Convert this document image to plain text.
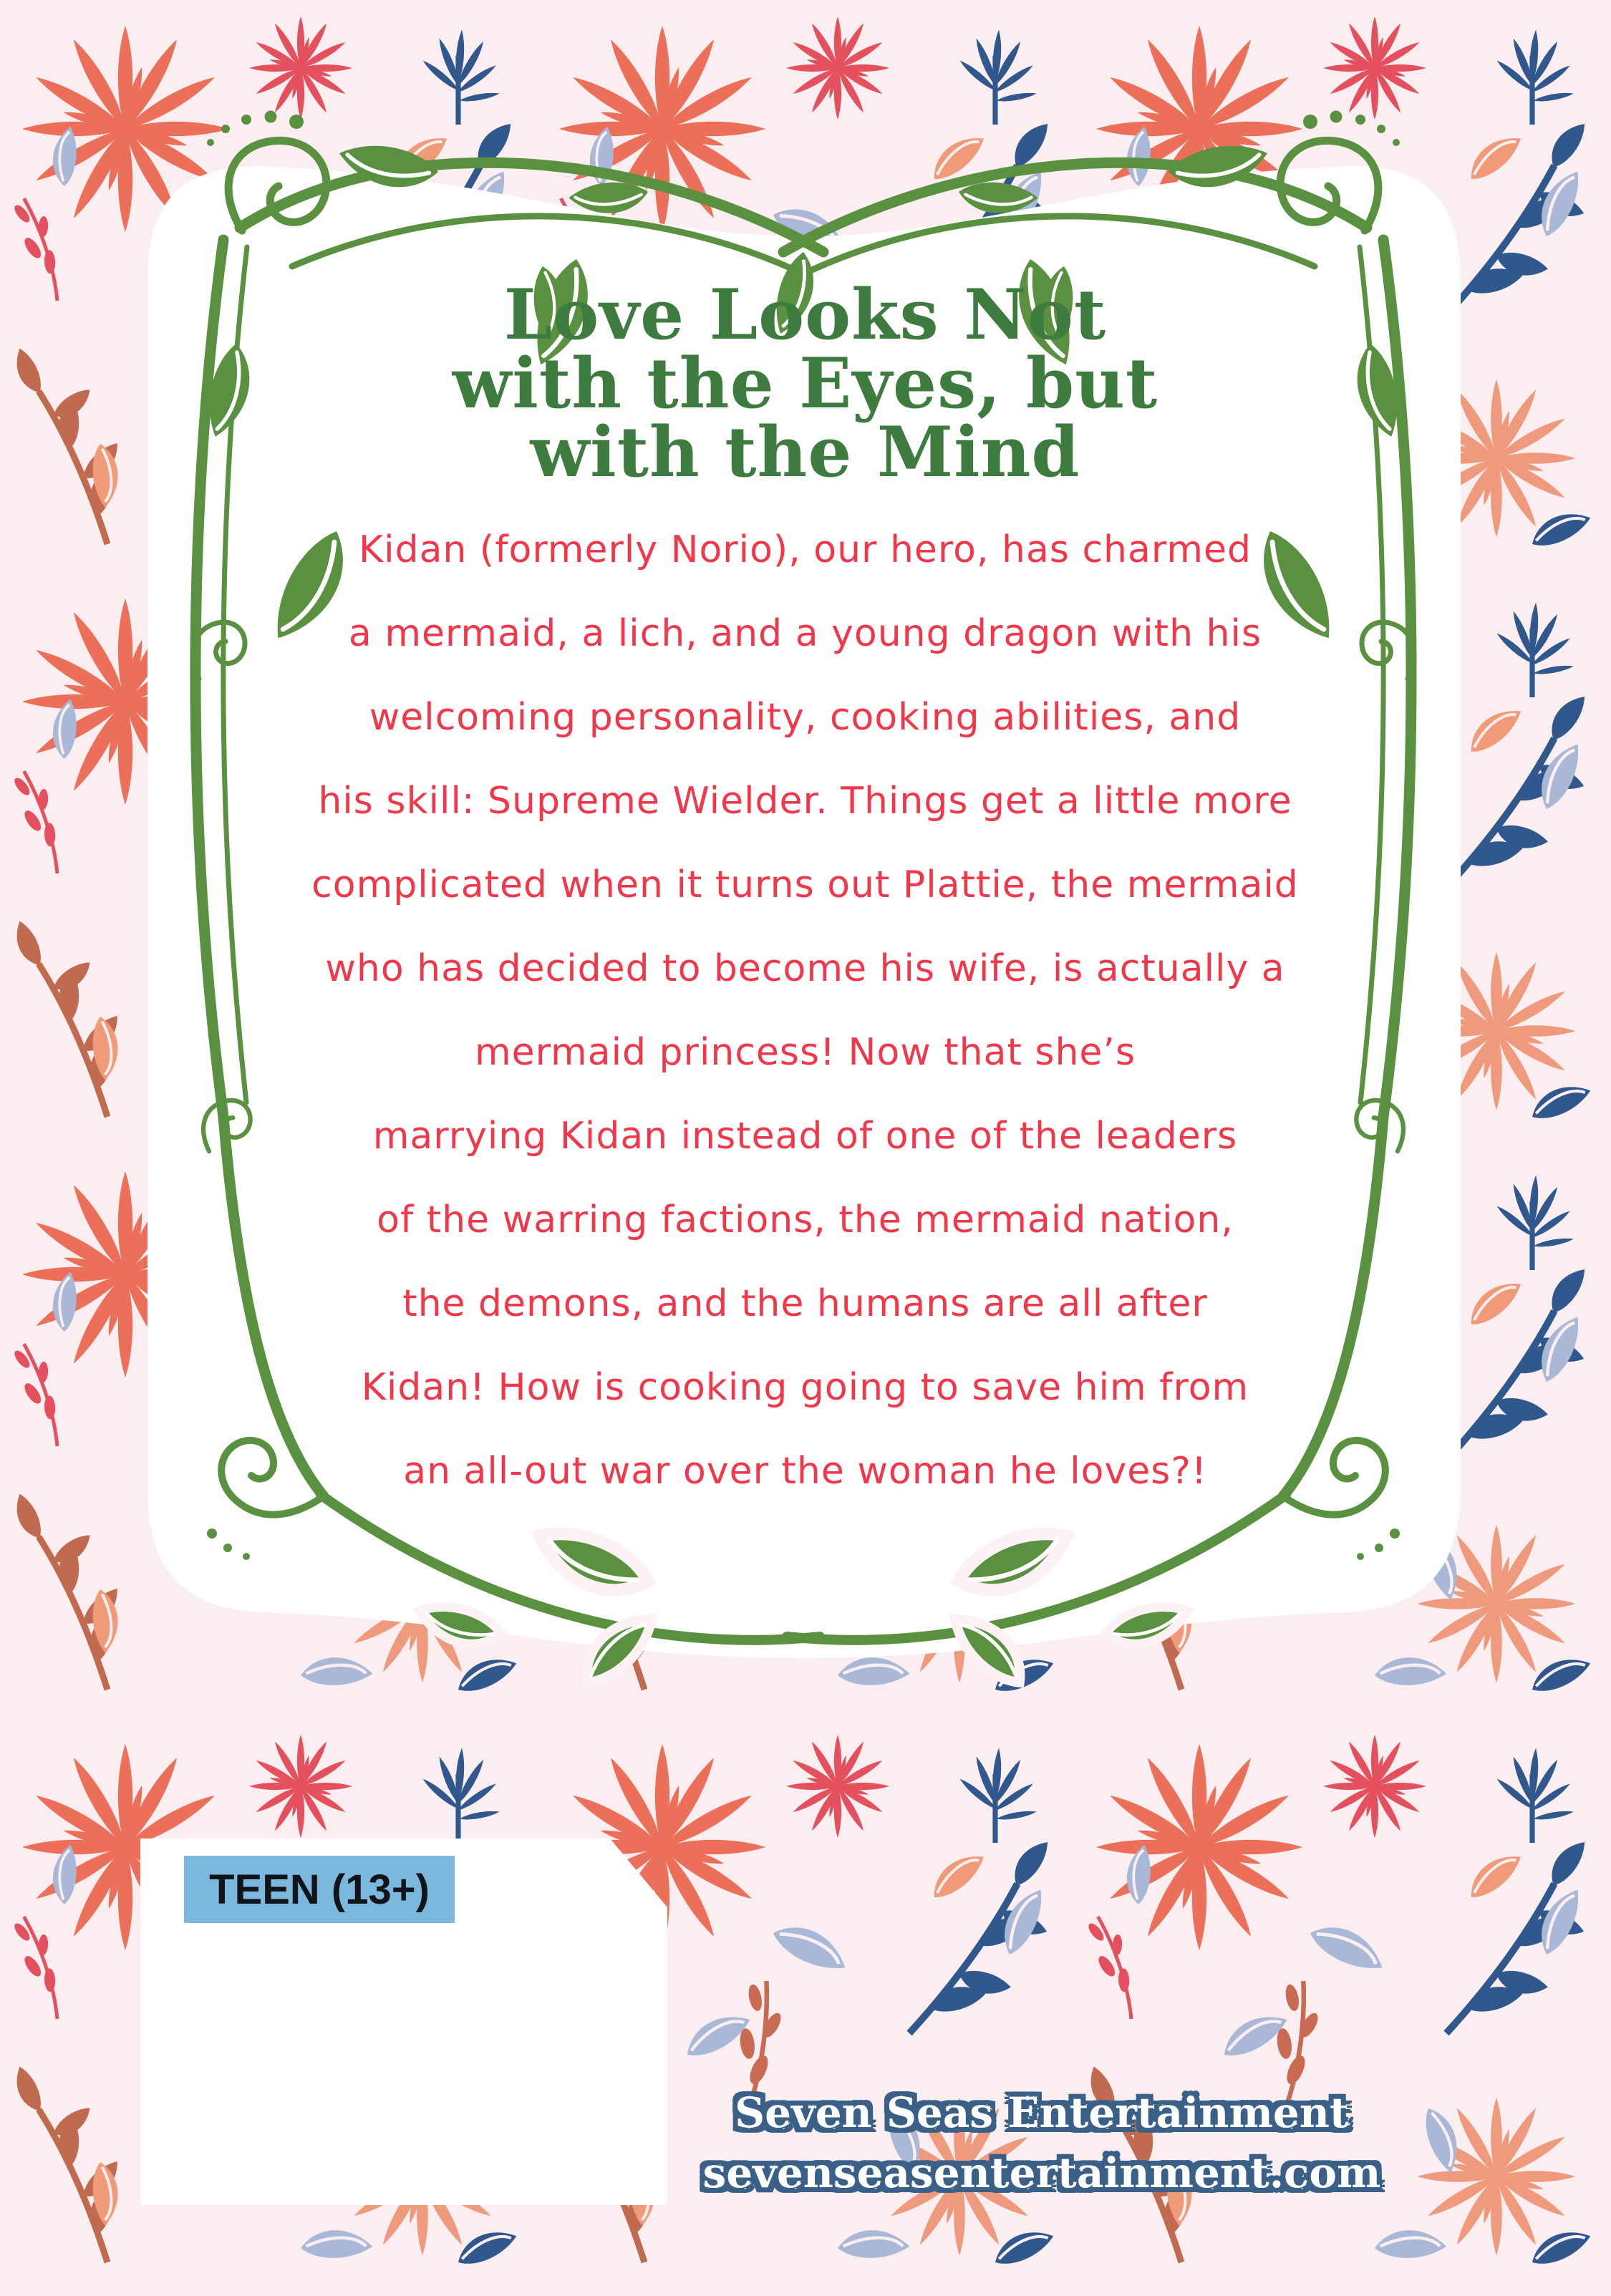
Love Looks Not
with the Eyes, but
with the Mind
Kidan (formerly Norio), our hero, has charmed
a mermaid, a lich, and a young dragon with his
welcoming personality, cooking abilities, and
his skill: Supreme Wielder. Things get a little more
complicated when it turns out Plattie, the mermaid
who has decided to become his wife, is actually a
mermaid princess! Now that she’s
marrying Kidan instead of one of the leaders
of the warring factions, the mermaid nation,
the demons, and the humans are all after
Kidan! How is cooking going to save him from
an all-out war over the woman he loves?!
TEEN (13+)
Seven Seas Entertainment
sevenseasentertainment.com
